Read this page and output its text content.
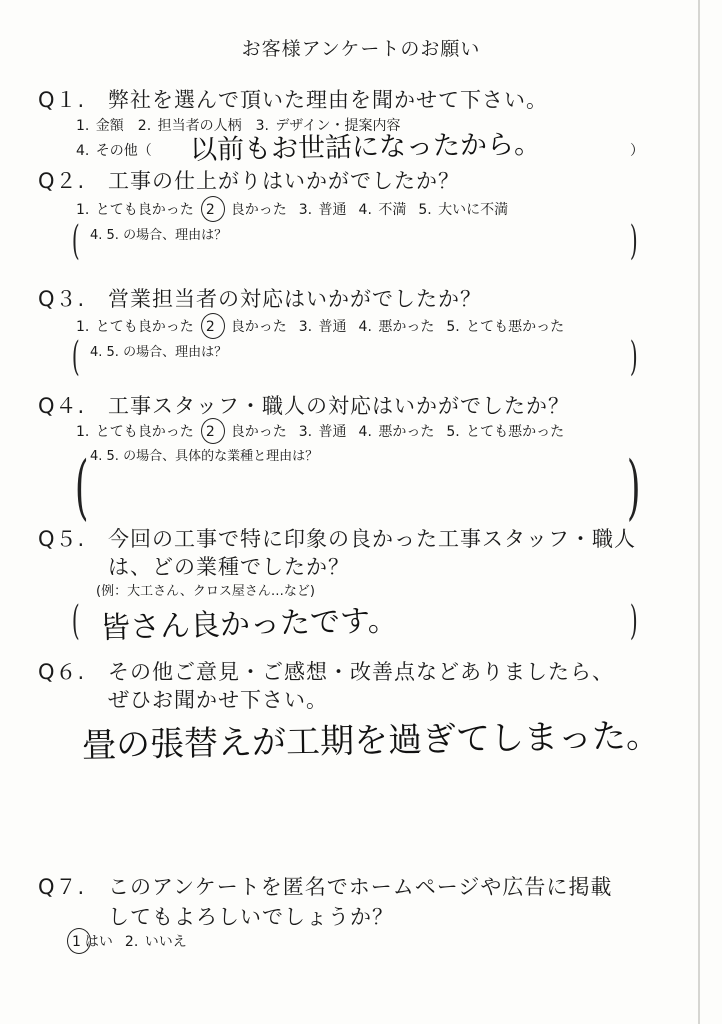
お客様アンケートのお願い
Q１. 弊社を選んで頂いた理由を聞かせて下さい。
1. 金額　2. 担当者の人柄　3. デザイン・提案内容
4. その他（ 以前もお世話になったから。	）
Q２. 工事の仕上がりはいかがでしたか？
1. とても良かった 2 良かった 3. 普通 4. 不満 5. 大いに不満
( 4. 5. の場合、理由は？	)
Q３. 営業担当者の対応はいかがでしたか？
1. とても良かった 2 良かった 3. 普通 4. 悪かった 5. とても悪かった
( 4. 5. の場合、理由は？	)
Q４. 工事スタッフ・職人の対応はいかがでしたか？
1. とても良かった 2 良かった 3. 普通 4. 悪かった 5. とても悪かった
( 4. 5. の場合、具体的な業種と理由は？	)
Q５. 今回の工事で特に印象の良かった工事スタッフ・職人
は、どの業種でしたか？
(例：大工さん、クロス屋さん…など)
( 皆さん良かったです。	)
Q６. その他ご意見・ご感想・改善点などありましたら、
ぜひお聞かせ下さい。
畳の張替えが工期を過ぎてしまった。
Q７. このアンケートを匿名でホームページや広告に掲載
してもよろしいでしょうか？
1 はい 2. いいえ
